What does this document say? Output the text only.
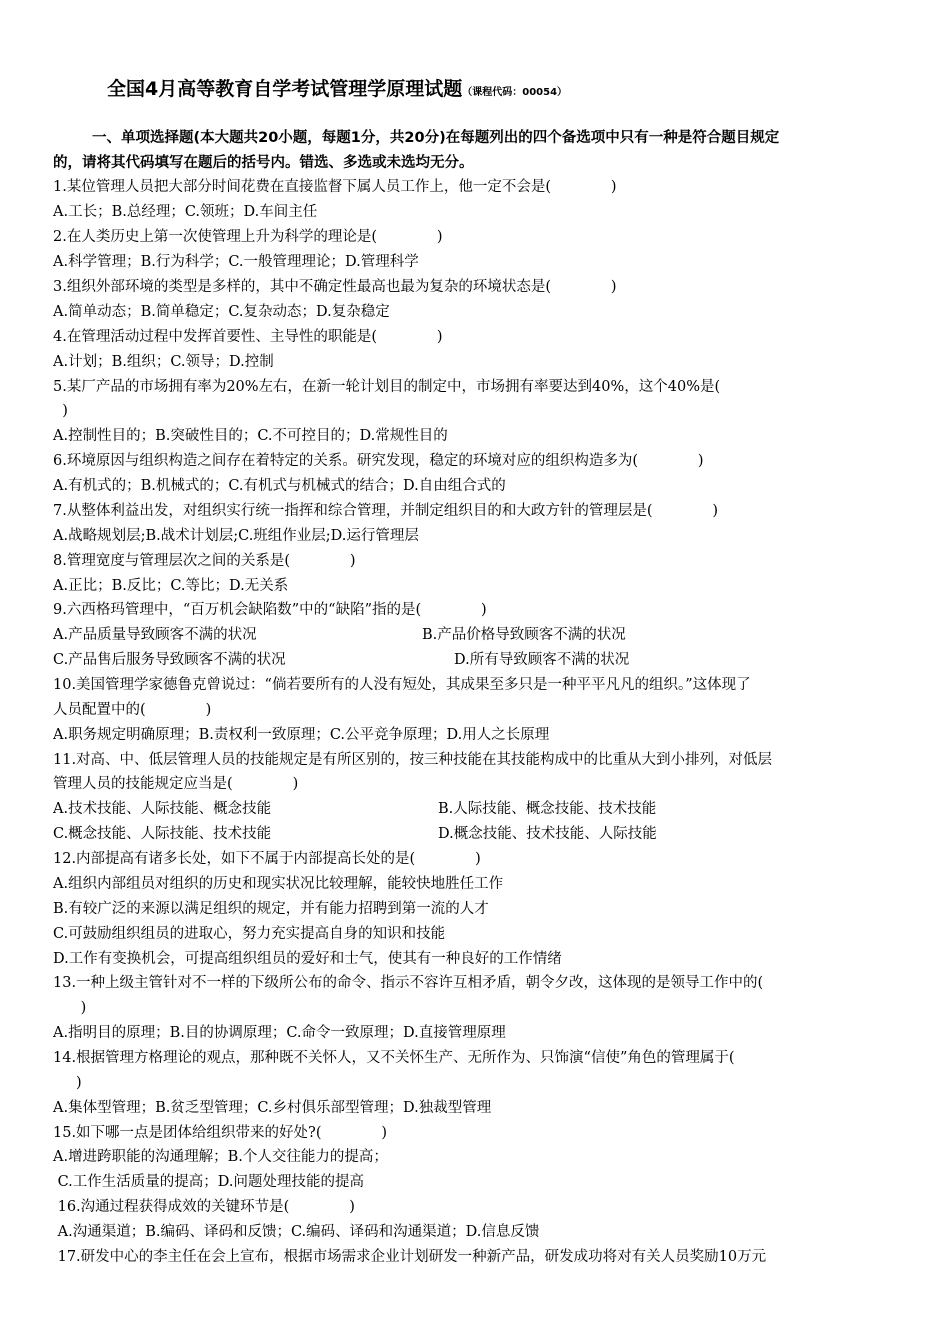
全国4月高等教育自学考试管理学原理试题（课程代码：00054）
一、单项选择题(本大题共20小题，每题1分，共20分)在每题列出的四个备选项中只有一种是符合题目规定
的，请将其代码填写在题后的括号内。错选、多选或未选均无分。
1.某位管理人员把大部分时间花费在直接监督下属人员工作上，他一定不会是(             )
A.工长；B.总经理；C.领班；D.车间主任
2.在人类历史上第一次使管理上升为科学的理论是(             )
A.科学管理；B.行为科学；C.一般管理理论；D.管理科学
3.组织外部环境的类型是多样的，其中不确定性最高也最为复杂的环境状态是(             )
A.简单动态；B.简单稳定；C.复杂动态；D.复杂稳定
4.在管理活动过程中发挥首要性、主导性的职能是(             )
A.计划；B.组织；C.领导；D.控制
5.某厂产品的市场拥有率为20%左右，在新一轮计划目的制定中，市场拥有率要达到40%，这个40%是(
)
A.控制性目的；B.突破性目的；C.不可控目的；D.常规性目的
6.环境原因与组织构造之间存在着特定的关系。研究发现，稳定的环境对应的组织构造多为(             )
A.有机式的；B.机械式的；C.有机式与机械式的结合；D.自由组合式的
7.从整体利益出发，对组织实行统一指挥和综合管理，并制定组织目的和大政方针的管理层是(             )
A.战略规划层;B.战术计划层;C.班组作业层;D.运行管理层
8.管理宽度与管理层次之间的关系是(             )
A.正比；B.反比；C.等比；D.无关系
9.六西格玛管理中，“百万机会缺陷数”中的“缺陷”指的是(             )
A.产品质量导致顾客不满的状况	B.产品价格导致顾客不满的状况
C.产品售后服务导致顾客不满的状况	D.所有导致顾客不满的状况
10.美国管理学家德鲁克曾说过：“倘若要所有的人没有短处，其成果至多只是一种平平凡凡的组织。”这体现了
人员配置中的(             )
A.职务规定明确原理；B.责权利一致原理；C.公平竞争原理；D.用人之长原理
11.对高、中、低层管理人员的技能规定是有所区别的，按三种技能在其技能构成中的比重从大到小排列，对低层
管理人员的技能规定应当是(             )
A.技术技能、人际技能、概念技能	B.人际技能、概念技能、技术技能
C.概念技能、人际技能、技术技能	D.概念技能、技术技能、人际技能
12.内部提高有诸多长处，如下不属于内部提高长处的是(             )
A.组织内部组员对组织的历史和现实状况比较理解，能较快地胜任工作
B.有较广泛的来源以满足组织的规定，并有能力招聘到第一流的人才
C.可鼓励组织组员的进取心，努力充实提高自身的知识和技能
D.工作有变换机会，可提高组织组员的爱好和士气，使其有一种良好的工作情绪
13.一种上级主管针对不一样的下级所公布的命令、指示不容许互相矛盾，朝令夕改，这体现的是领导工作中的(
)
A.指明目的原理；B.目的协调原理；C.命令一致原理；D.直接管理原理
14.根据管理方格理论的观点，那种既不关怀人，又不关怀生产、无所作为、只饰演“信使”角色的管理属于(
)
A.集体型管理；B.贫乏型管理；C.乡村俱乐部型管理；D.独裁型管理
15.如下哪一点是团体给组织带来的好处?(             )
A.增进跨职能的沟通理解；B.个人交往能力的提高；
C.工作生活质量的提高；D.问题处理技能的提高
16.沟通过程获得成效的关键环节是(             )
A.沟通渠道；B.编码、译码和反馈；C.编码、译码和沟通渠道；D.信息反馈
17.研发中心的李主任在会上宣布，根据市场需求企业计划研发一种新产品，研发成功将对有关人员奖励10万元
